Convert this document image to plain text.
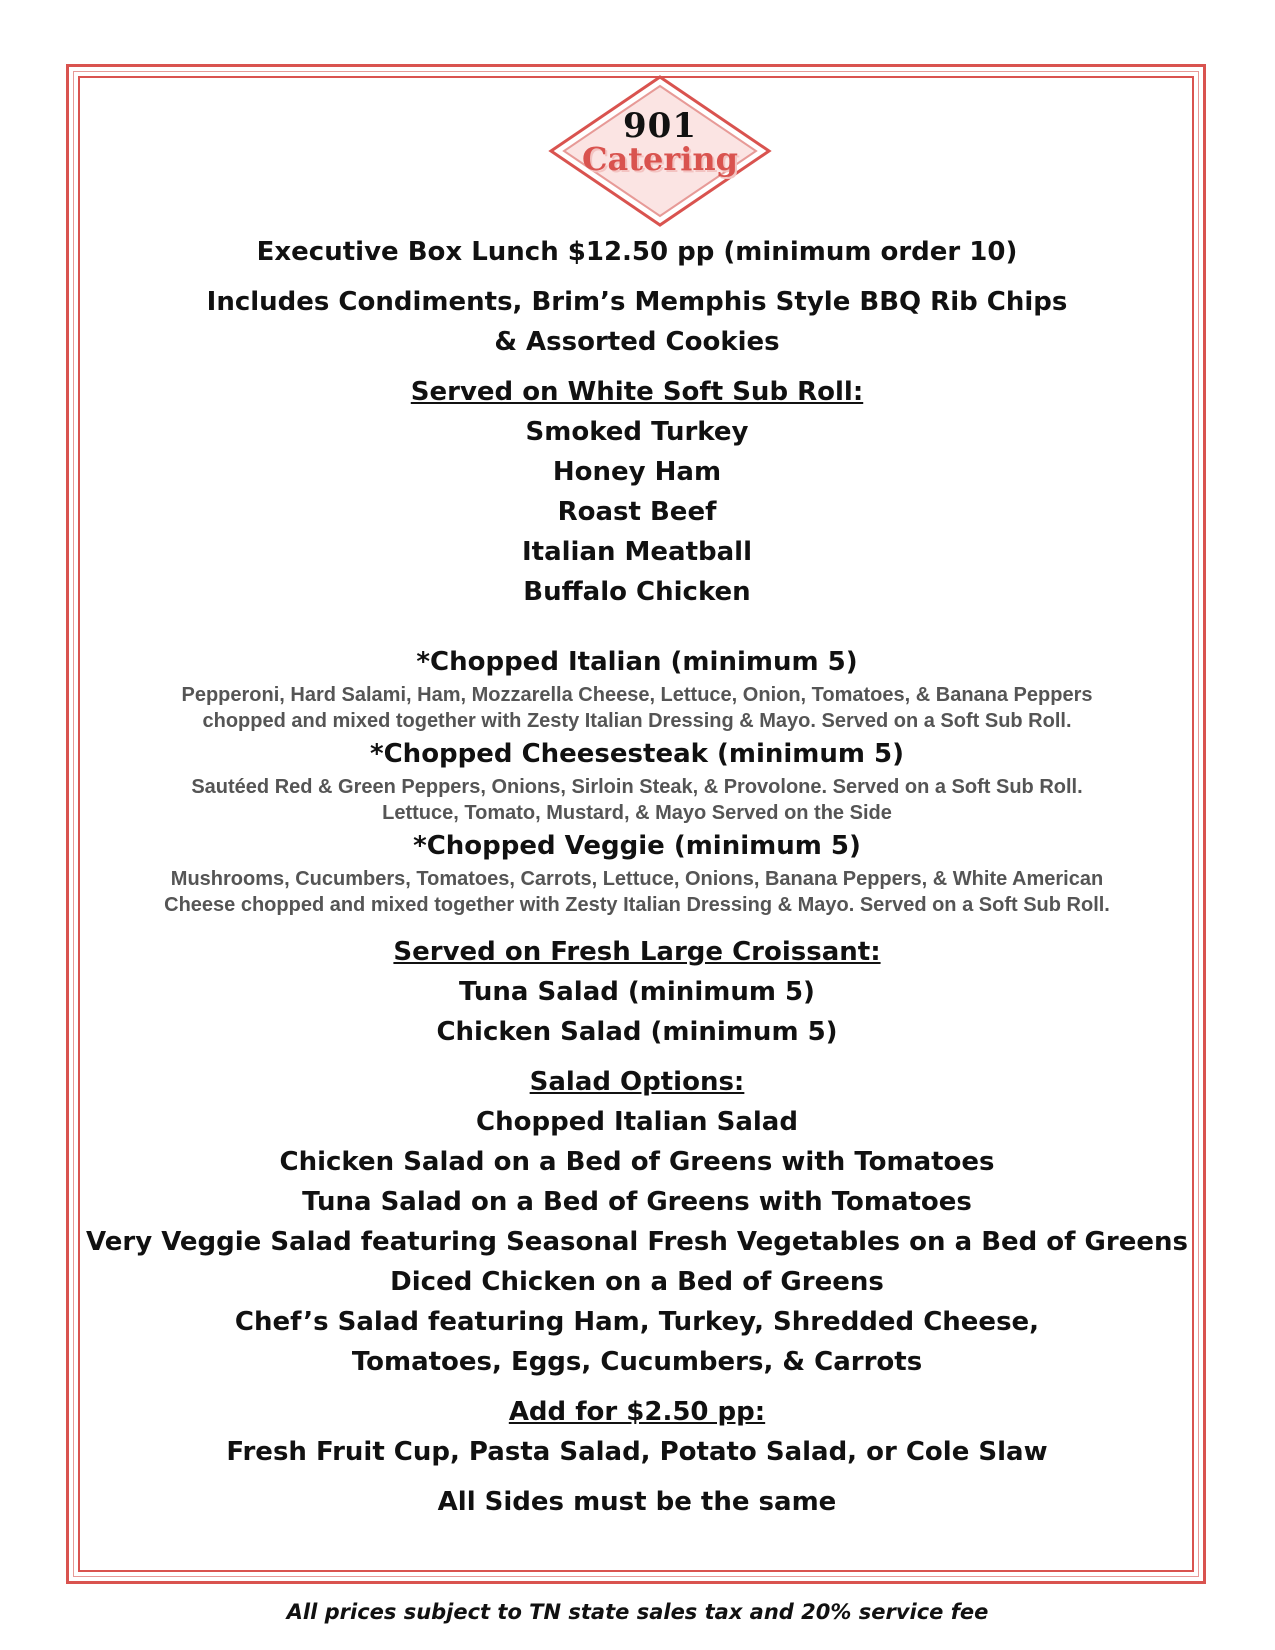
901
Catering

Executive Box Lunch $12.50 pp (minimum order 10)

Includes Condiments, Brim’s Memphis Style BBQ Rib Chips

& Assorted Cookies

Served on White Soft Sub Roll:

Smoked Turkey
Honey Ham
Roast Beef
Italian Meatball
Buffalo Chicken

*Chopped Italian (minimum 5)

Pepperoni, Hard Salami, Ham, Mozzarella Cheese, Lettuce, Onion, Tomatoes, & Banana Peppers

chopped and mixed together with Zesty Italian Dressing & Mayo. Served on a Soft Sub Roll.

*Chopped Cheesesteak (minimum 5)

Sautéed Red & Green Peppers, Onions, Sirloin Steak, & Provolone. Served on a Soft Sub Roll.

Lettuce, Tomato, Mustard, & Mayo Served on the Side

*Chopped Veggie (minimum 5)

Mushrooms, Cucumbers, Tomatoes, Carrots, Lettuce, Onions, Banana Peppers, & White American

Cheese chopped and mixed together with Zesty Italian Dressing & Mayo. Served on a Soft Sub Roll.

Served on Fresh Large Croissant:

Tuna Salad (minimum 5)
Chicken Salad (minimum 5)

Salad Options:

Chopped Italian Salad
Chicken Salad on a Bed of Greens with Tomatoes
Tuna Salad on a Bed of Greens with Tomatoes
Very Veggie Salad featuring Seasonal Fresh Vegetables on a Bed of Greens
Diced Chicken on a Bed of Greens
Chef’s Salad featuring Ham, Turkey, Shredded Cheese,
Tomatoes, Eggs, Cucumbers, & Carrots

Add for $2.50 pp:

Fresh Fruit Cup, Pasta Salad, Potato Salad, or Cole Slaw

All Sides must be the same

All prices subject to TN state sales tax and 20% service fee
